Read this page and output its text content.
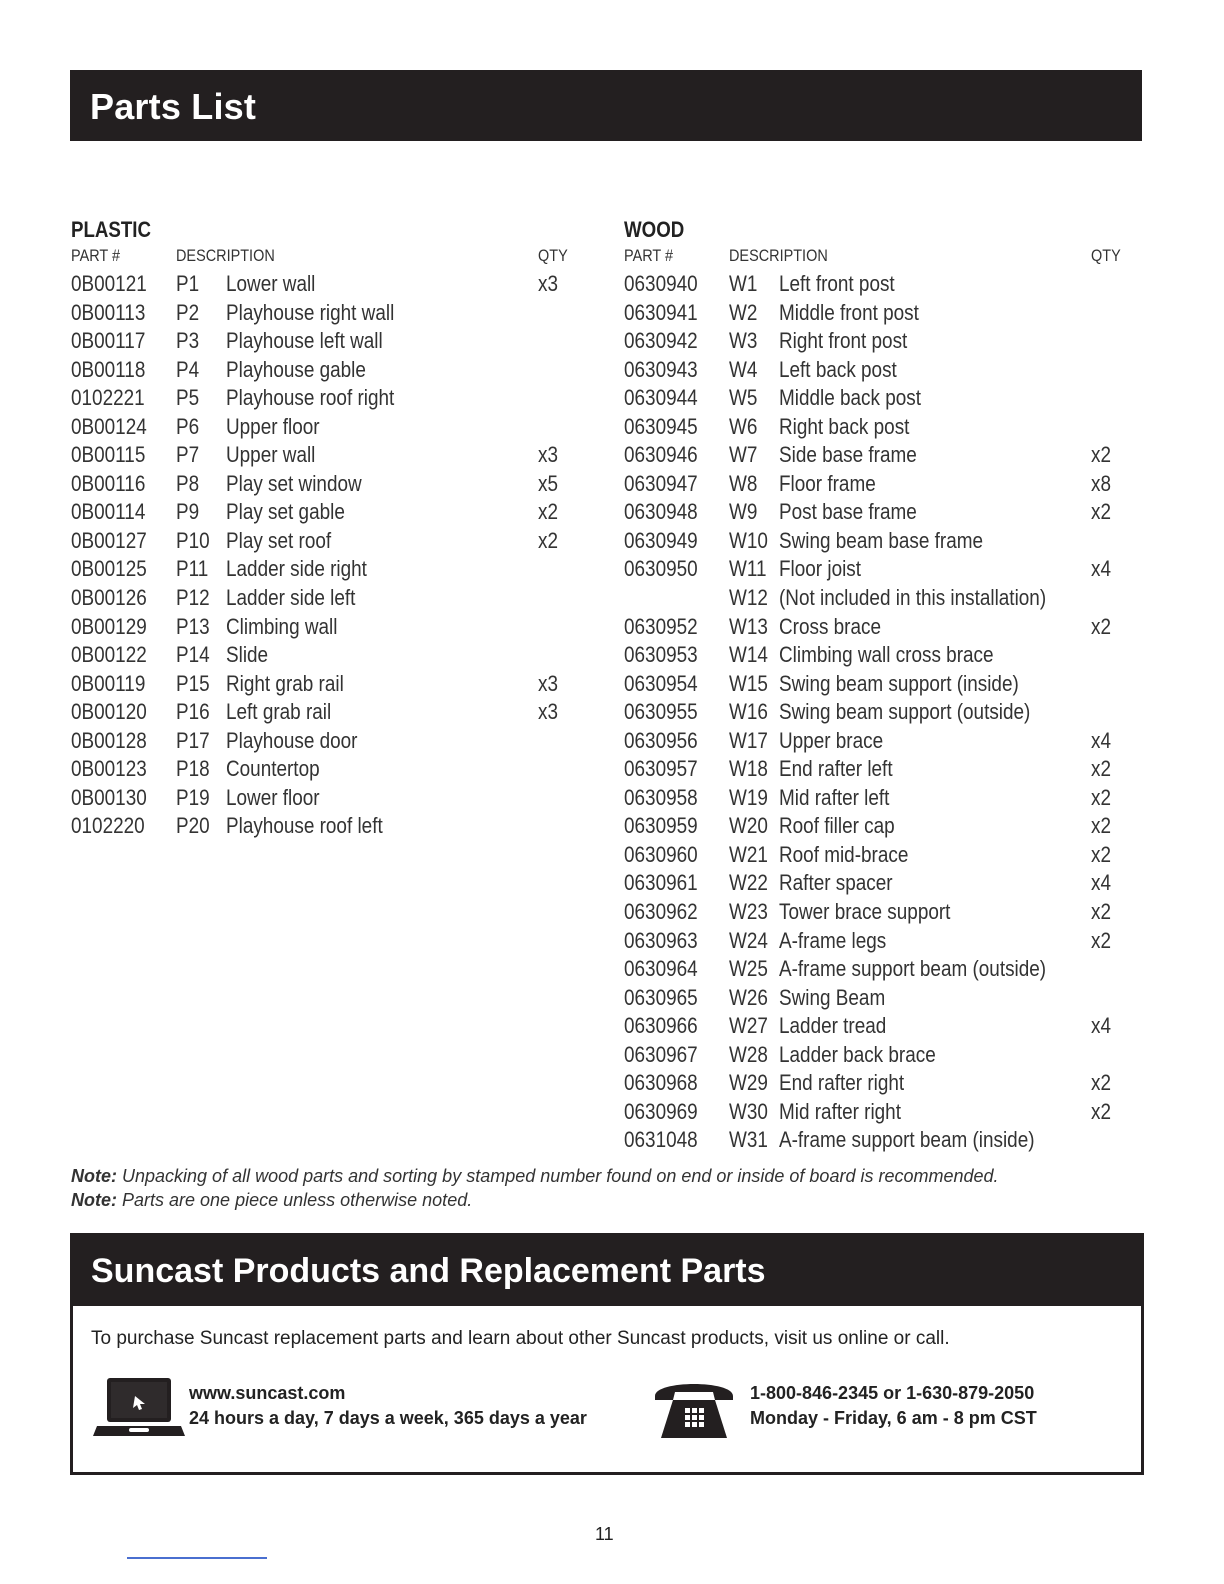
Parts List
PLASTIC
PART #	DESCRIPTION	QTY
0B00121 P1 Lower wall	x3
0B00113 P2 Playhouse right wall
0B00117 P3 Playhouse left wall
0B00118 P4 Playhouse gable
0102221 P5 Playhouse roof right
0B00124 P6 Upper floor
0B00115 P7 Upper wall	x3
0B00116 P8 Play set window	x5
0B00114 P9 Play set gable	x2
0B00127 P10 Play set roof	x2
0B00125 P11 Ladder side right
0B00126 P12 Ladder side left
0B00129 P13 Climbing wall
0B00122 P14 Slide
0B00119 P15 Right grab rail	x3
0B00120 P16 Left grab rail	x3
0B00128 P17 Playhouse door
0B00123 P18 Countertop
0B00130 P19 Lower floor
0102220 P20 Playhouse roof left
WOOD
PART #	DESCRIPTION	QTY
0630940 W1 Left front post
0630941 W2 Middle front post
0630942 W3 Right front post
0630943 W4 Left back post
0630944 W5 Middle back post
0630945 W6 Right back post
0630946 W7 Side base frame	x2
0630947 W8 Floor frame	x8
0630948 W9 Post base frame	x2
0630949 W10 Swing beam base frame
0630950 W11 Floor joist	x4
W12 (Not included in this installation)
0630952 W13 Cross brace	x2
0630953 W14 Climbing wall cross brace
0630954 W15 Swing beam support (inside)
0630955 W16 Swing beam support (outside)
0630956 W17 Upper brace	x4
0630957 W18 End rafter left	x2
0630958 W19 Mid rafter left	x2
0630959 W20 Roof filler cap	x2
0630960 W21 Roof mid-brace	x2
0630961 W22 Rafter spacer	x4
0630962 W23 Tower brace support	x2
0630963 W24 A-frame legs	x2
0630964 W25 A-frame support beam (outside)
0630965 W26 Swing Beam
0630966 W27 Ladder tread	x4
0630967 W28 Ladder back brace
0630968 W29 End rafter right	x2
0630969 W30 Mid rafter right	x2
0631048 W31 A-frame support beam (inside)
Note: Unpacking of all wood parts and sorting by stamped number found on end or inside of board is recommended.
Note: Parts are one piece unless otherwise noted.
Suncast Products and Replacement Parts
To purchase Suncast replacement parts and learn about other Suncast products, visit us online or call.
www.suncast.com
24 hours a day, 7 days a week, 365 days a year
1-800-846-2345 or 1-630-879-2050
Monday - Friday, 6 am - 8 pm CST
11
